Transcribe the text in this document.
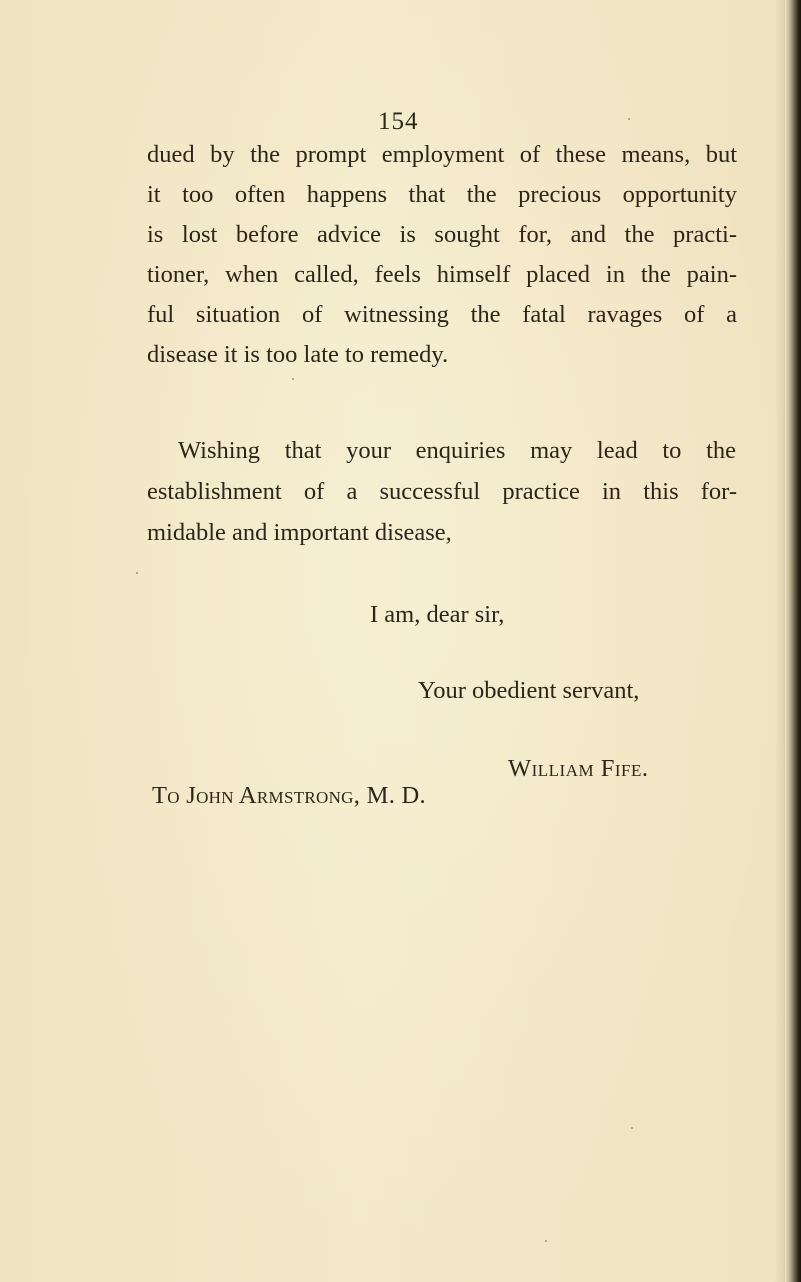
154
dued by the prompt employment of these means, but
it too often happens that the precious opportunity
is lost before advice is sought for, and the practi-
tioner, when called, feels himself placed in the pain-
ful situation of witnessing the fatal ravages of a
disease it is too late to remedy.
Wishing that your enquiries may lead to the
establishment of a successful practice in this for-
midable and important disease,
I am, dear sir,
Your obedient servant,
William Fife.
To John Armstrong, M. D.
